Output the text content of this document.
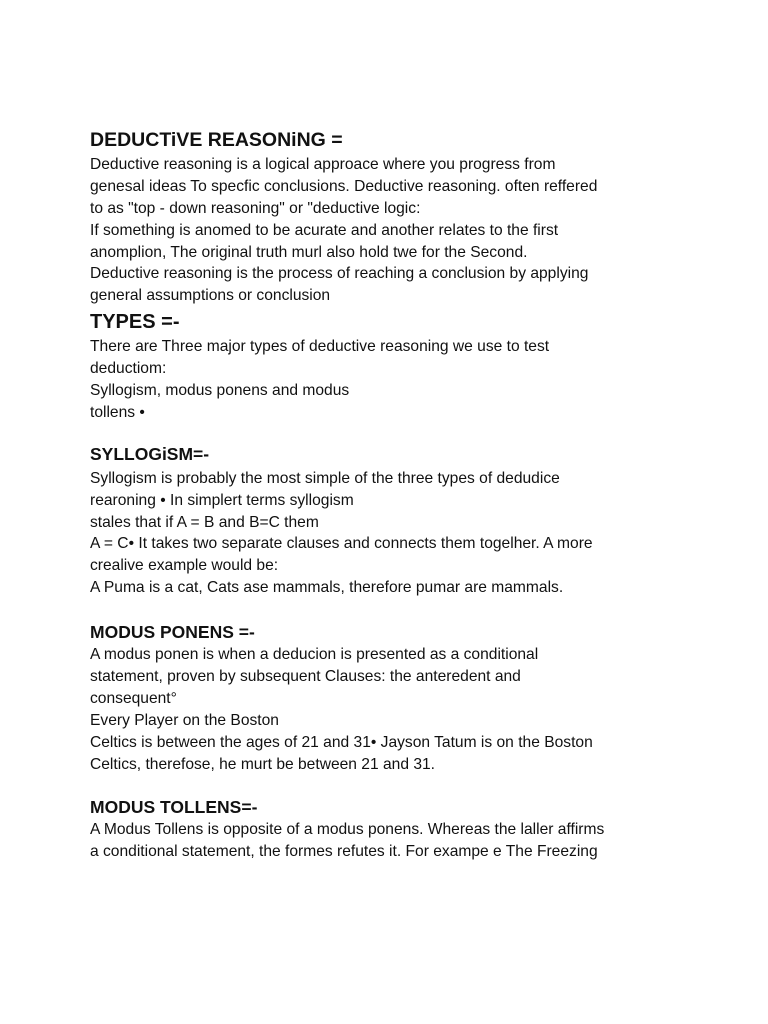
DEDUCTiVE REASONiNG =

Deductive reasoning is a logical approace where you progress from
genesal ideas To specfic conclusions. Deductive reasoning. often reffered
to as "top - down reasoning" or "deductive logic:
If something is anomed to be acurate and another relates to the first
anomplion, The original truth murl also hold twe for the Second.
Deductive reasoning is the process of reaching a conclusion by applying
general assumptions or conclusion

TYPES =-

There are Three major types of deductive reasoning we use to test
deductiom:
Syllogism, modus ponens and modus
tollens •

SYLLOGiSM=-

Syllogism is probably the most simple of the three types of dedudice
rearoning • In simplert terms syllogism
stales that if A = B and B=C them
A = C• It takes two separate clauses and connects them togelher. A more
crealive example would be:
A Puma is a cat, Cats ase mammals, therefore pumar are mammals.

MODUS PONENS =-

A modus ponen is when a deducion is presented as a conditional
statement, proven by subsequent Clauses: the anteredent and
consequent°
Every Player on the Boston
Celtics is between the ages of 21 and 31• Jayson Tatum is on the Boston
Celtics, therefose, he murt be between 21 and 31.

MODUS TOLLENS=-

A Modus Tollens is opposite of a modus ponens. Whereas the laller affirms
a conditional statement, the formes refutes it. For exampe e The Freezing
